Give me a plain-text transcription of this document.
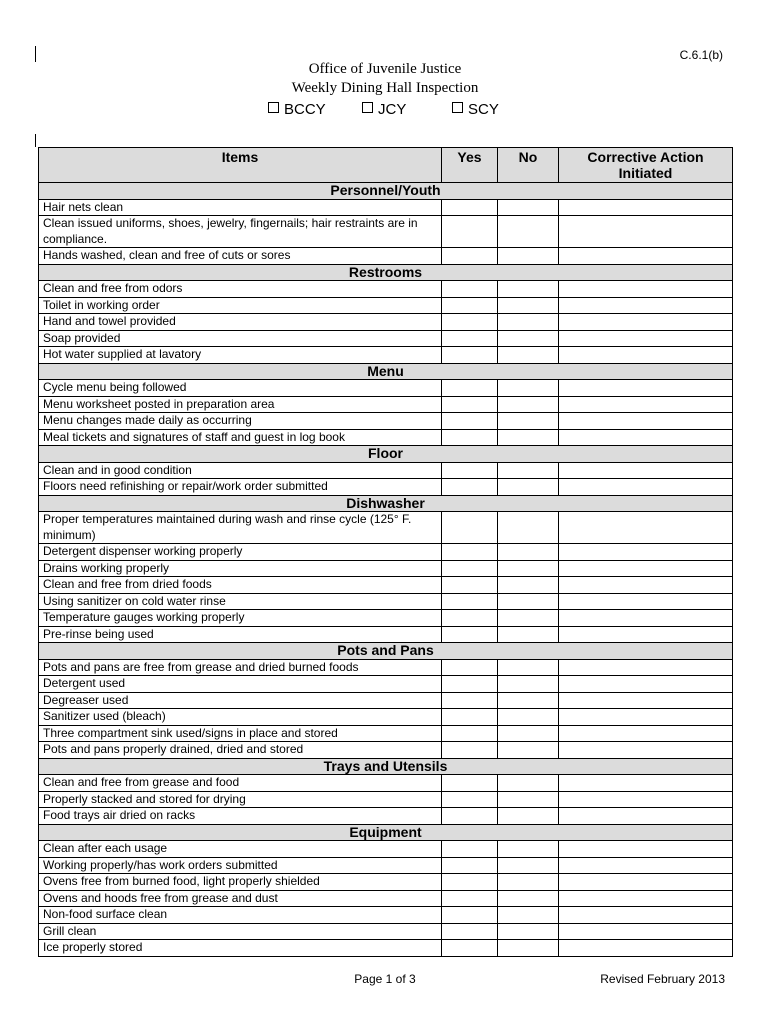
C.6.1(b)
Office of Juvenile Justice
Weekly Dining Hall Inspection
BCCY	JCY	SCY
Items	Yes	No	Corrective Action Initiated
Personnel/Youth			
Hair nets clean			
Clean issued uniforms, shoes, jewelry, fingernails; hair restraints are in compliance.			
Hands washed, clean and free of cuts or sores			
Restrooms			
Clean and free from odors			
Toilet in working order			
Hand and towel provided			
Soap provided			
Hot water supplied at lavatory			
Menu			
Cycle menu being followed			
Menu worksheet posted in preparation area			
Menu changes made daily as occurring			
Meal tickets and signatures of staff and guest in log book			
Floor			
Clean and in good condition			
Floors need refinishing or repair/work order submitted			
Dishwasher			
Proper temperatures maintained during wash and rinse cycle (125° F. minimum)			
Detergent dispenser working properly			
Drains working properly			
Clean and free from dried foods			
Using sanitizer on cold water rinse			
Temperature gauges working properly			
Pre-rinse being used			
Pots and Pans			
Pots and pans are free from grease and dried burned foods			
Detergent used			
Degreaser used			
Sanitizer used (bleach)			
Three compartment sink used/signs in place and stored			
Pots and pans properly drained, dried and stored			
Trays and Utensils			
Clean and free from grease and food			
Properly stacked and stored for drying			
Food trays air dried on racks			
Equipment			
Clean after each usage			
Working properly/has work orders submitted			
Ovens free from burned food, light properly shielded			
Ovens and hoods free from grease and dust			
Non-food surface clean			
Grill clean			
Ice properly stored			
Page 1 of 3	Revised February 2013
